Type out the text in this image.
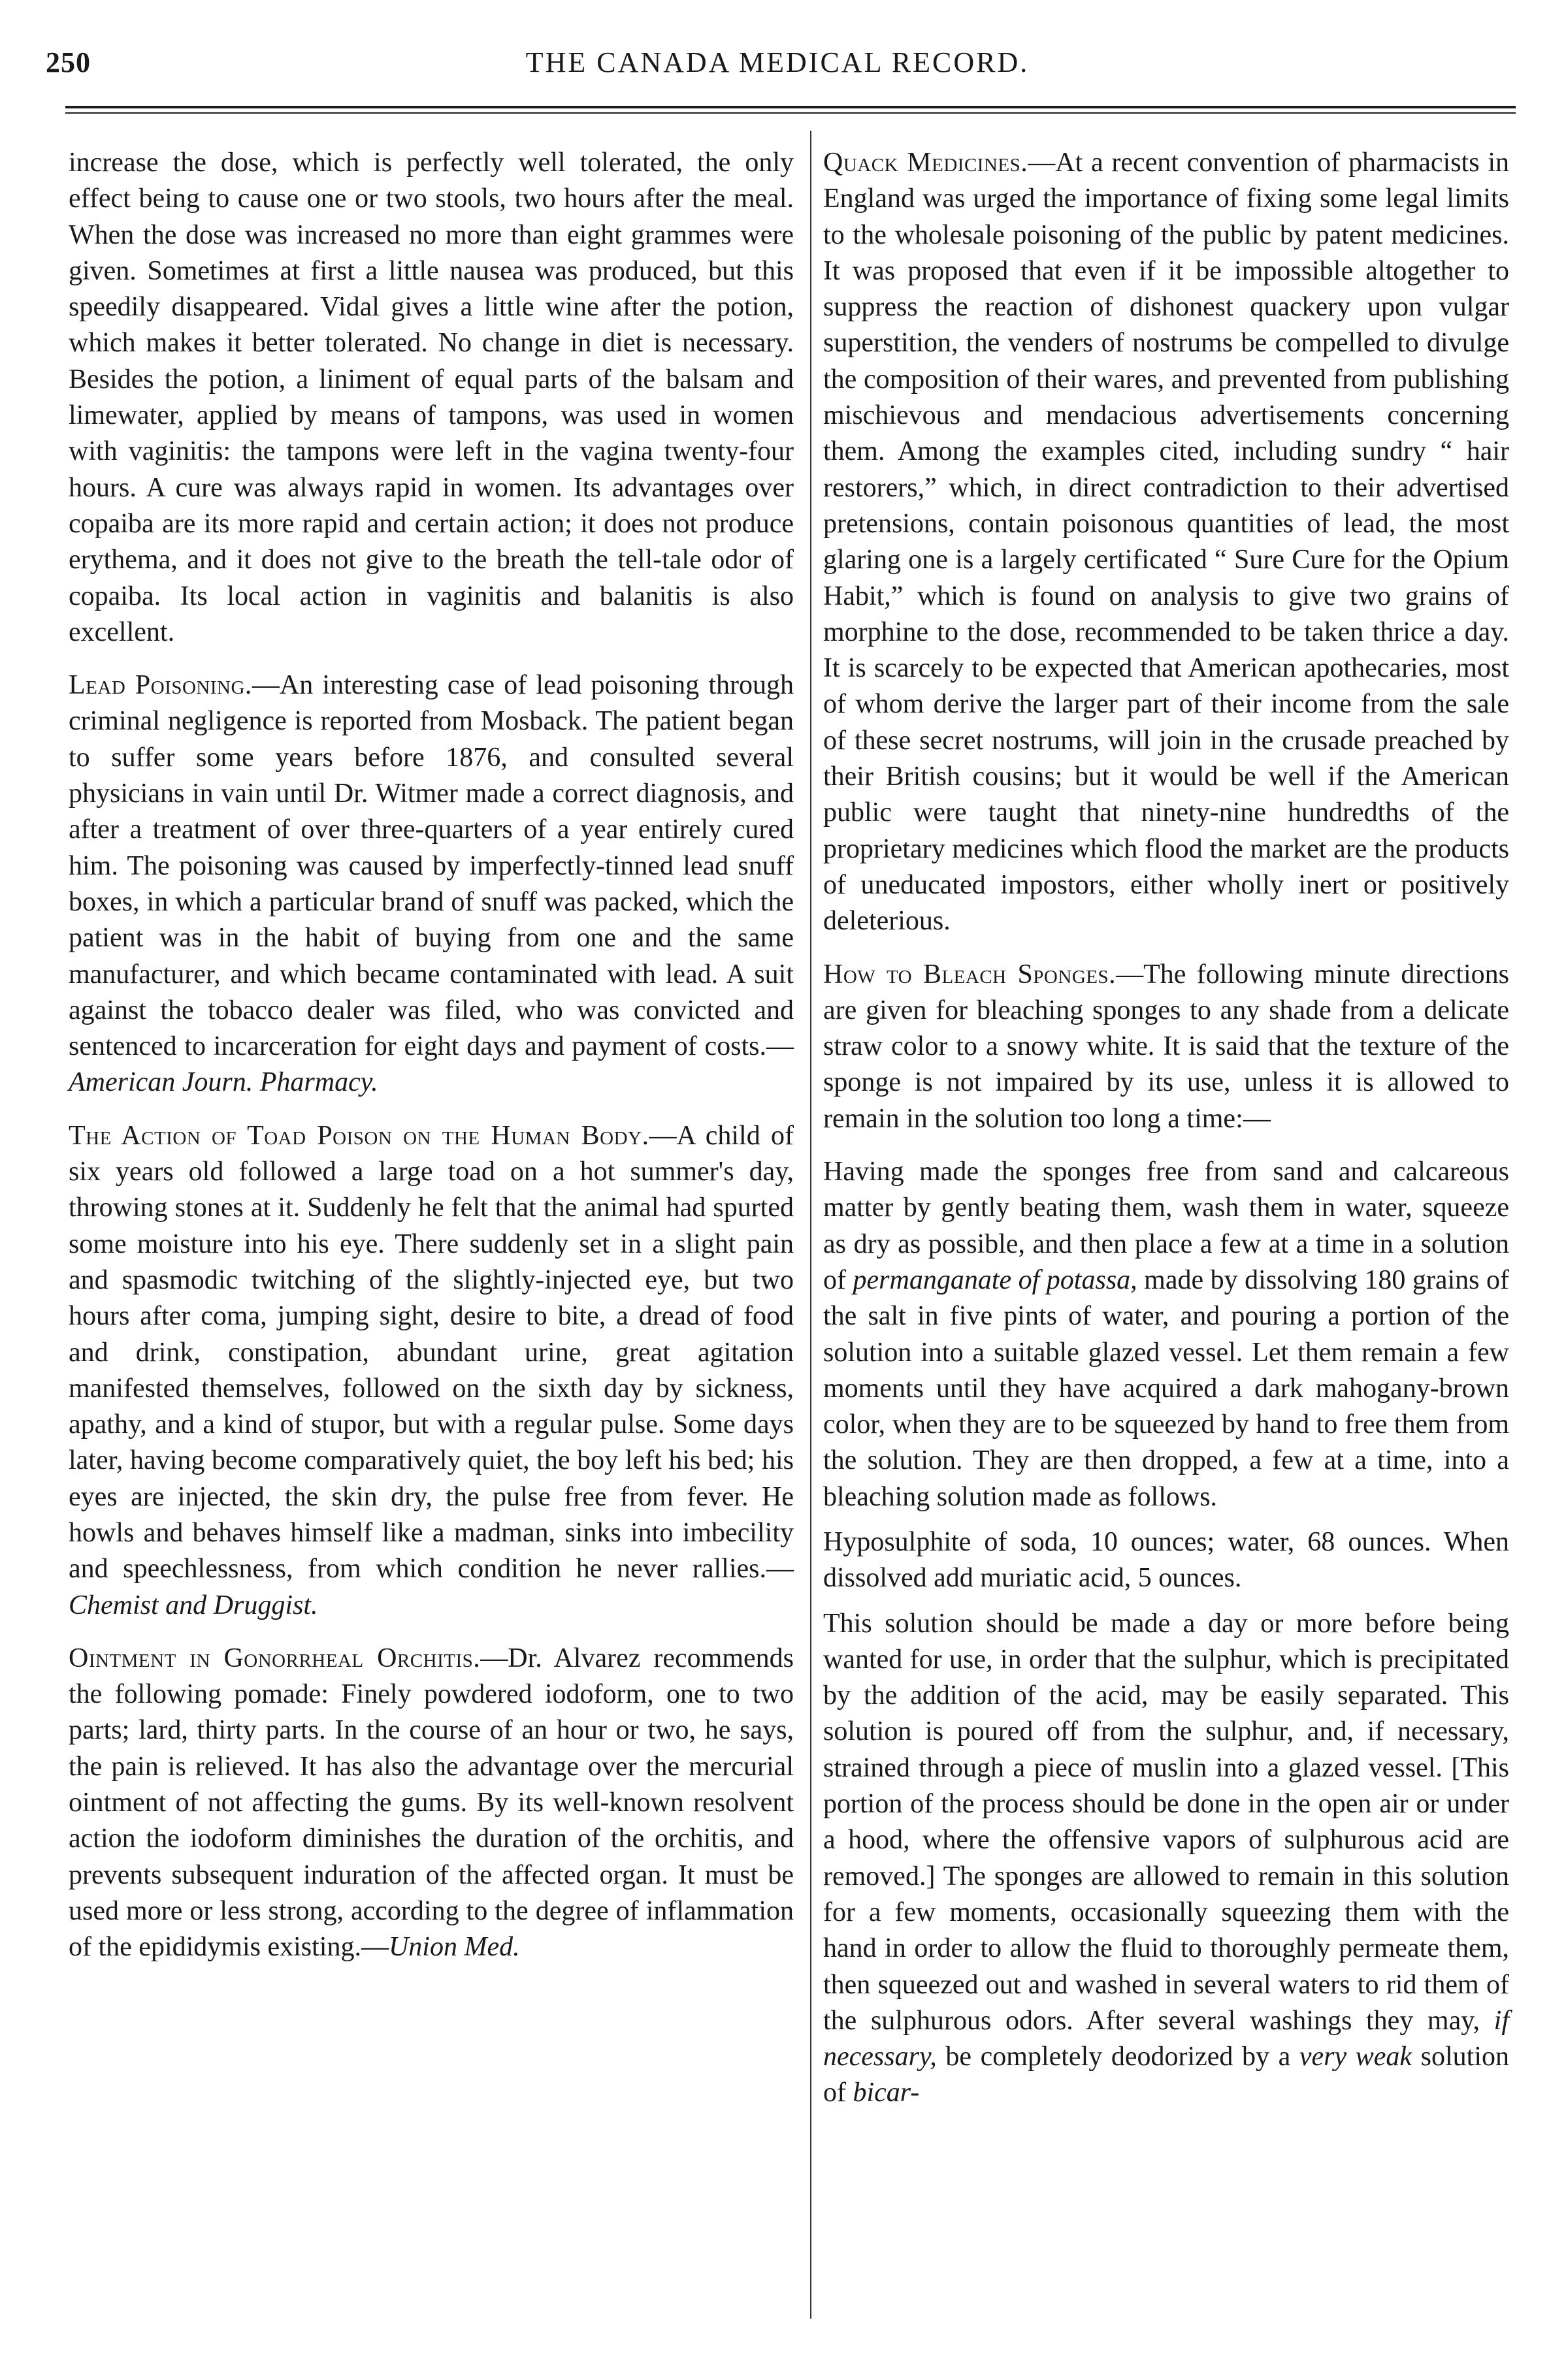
250	THE CANADA MEDICAL RECORD.

increase the dose, which is perfectly well tolerated, the only effect being to cause one or two stools, two hours after the meal. When the dose was increased no more than eight grammes were given. Sometimes at first a little nausea was produced, but this speedily disappeared. Vidal gives a little wine after the potion, which makes it better tolerated. No change in diet is necessary. Besides the potion, a liniment of equal parts of the balsam and limewater, applied by means of tampons, was used in women with vaginitis: the tampons were left in the vagina twenty-four hours. A cure was always rapid in women. Its advantages over copaiba are its more rapid and certain action; it does not produce erythema, and it does not give to the breath the tell-tale odor of copaiba. Its local action in vaginitis and balanitis is also excellent.

Lead Poisoning.—An interesting case of lead poisoning through criminal negligence is reported from Mosback. The patient began to suffer some years before 1876, and consulted several physicians in vain until Dr. Witmer made a correct diagnosis, and after a treatment of over three-quarters of a year entirely cured him. The poisoning was caused by imperfectly-tinned lead snuff boxes, in which a particular brand of snuff was packed, which the patient was in the habit of buying from one and the same manufacturer, and which became contaminated with lead. A suit against the tobacco dealer was filed, who was convicted and sentenced to incarceration for eight days and payment of costs.—American Journ. Pharmacy.

The Action of Toad Poison on the Human Body.—A child of six years old followed a large toad on a hot summer's day, throwing stones at it. Suddenly he felt that the animal had spurted some moisture into his eye. There suddenly set in a slight pain and spasmodic twitching of the slightly-injected eye, but two hours after coma, jumping sight, desire to bite, a dread of food and drink, constipation, abundant urine, great agitation manifested themselves, followed on the sixth day by sickness, apathy, and a kind of stupor, but with a regular pulse. Some days later, having become comparatively quiet, the boy left his bed; his eyes are injected, the skin dry, the pulse free from fever. He howls and behaves himself like a madman, sinks into imbecility and speechlessness, from which condition he never rallies.—Chemist and Druggist.

Ointment in Gonorrheal Orchitis.—Dr. Alvarez recommends the following pomade: Finely powdered iodoform, one to two parts; lard, thirty parts. In the course of an hour or two, he says, the pain is relieved. It has also the advantage over the mercurial ointment of not affecting the gums. By its well-known resolvent action the iodoform diminishes the duration of the orchitis, and prevents subsequent induration of the affected organ. It must be used more or less strong, according to the degree of inflammation of the epididymis existing.—Union Med.

Quack Medicines.—At a recent convention of pharmacists in England was urged the importance of fixing some legal limits to the wholesale poisoning of the public by patent medicines. It was proposed that even if it be impossible altogether to suppress the reaction of dishonest quackery upon vulgar superstition, the venders of nostrums be compelled to divulge the composition of their wares, and prevented from publishing mischievous and mendacious advertisements concerning them. Among the examples cited, including sundry “ hair restorers,” which, in direct contradiction to their advertised pretensions, contain poisonous quantities of lead, the most glaring one is a largely certificated “ Sure Cure for the Opium Habit,” which is found on analysis to give two grains of morphine to the dose, recommended to be taken thrice a day. It is scarcely to be expected that American apothecaries, most of whom derive the larger part of their income from the sale of these secret nostrums, will join in the crusade preached by their British cousins; but it would be well if the American public were taught that ninety-nine hundredths of the proprietary medicines which flood the market are the products of uneducated impostors, either wholly inert or positively deleterious.

How to Bleach Sponges.—The following minute directions are given for bleaching sponges to any shade from a delicate straw color to a snowy white. It is said that the texture of the sponge is not impaired by its use, unless it is allowed to remain in the solution too long a time:—

Having made the sponges free from sand and calcareous matter by gently beating them, wash them in water, squeeze as dry as possible, and then place a few at a time in a solution of permanganate of potassa, made by dissolving 180 grains of the salt in five pints of water, and pouring a portion of the solution into a suitable glazed vessel. Let them remain a few moments until they have acquired a dark mahogany-brown color, when they are to be squeezed by hand to free them from the solution. They are then dropped, a few at a time, into a bleaching solution made as follows.

Hyposulphite of soda, 10 ounces; water, 68 ounces. When dissolved add muriatic acid, 5 ounces.

This solution should be made a day or more before being wanted for use, in order that the sulphur, which is precipitated by the addition of the acid, may be easily separated. This solution is poured off from the sulphur, and, if necessary, strained through a piece of muslin into a glazed vessel. [This portion of the process should be done in the open air or under a hood, where the offensive vapors of sulphurous acid are removed.] The sponges are allowed to remain in this solution for a few moments, occasionally squeezing them with the hand in order to allow the fluid to thoroughly permeate them, then squeezed out and washed in several waters to rid them of the sulphurous odors. After several washings they may, if necessary, be completely deodorized by a very weak solution of bicar-
